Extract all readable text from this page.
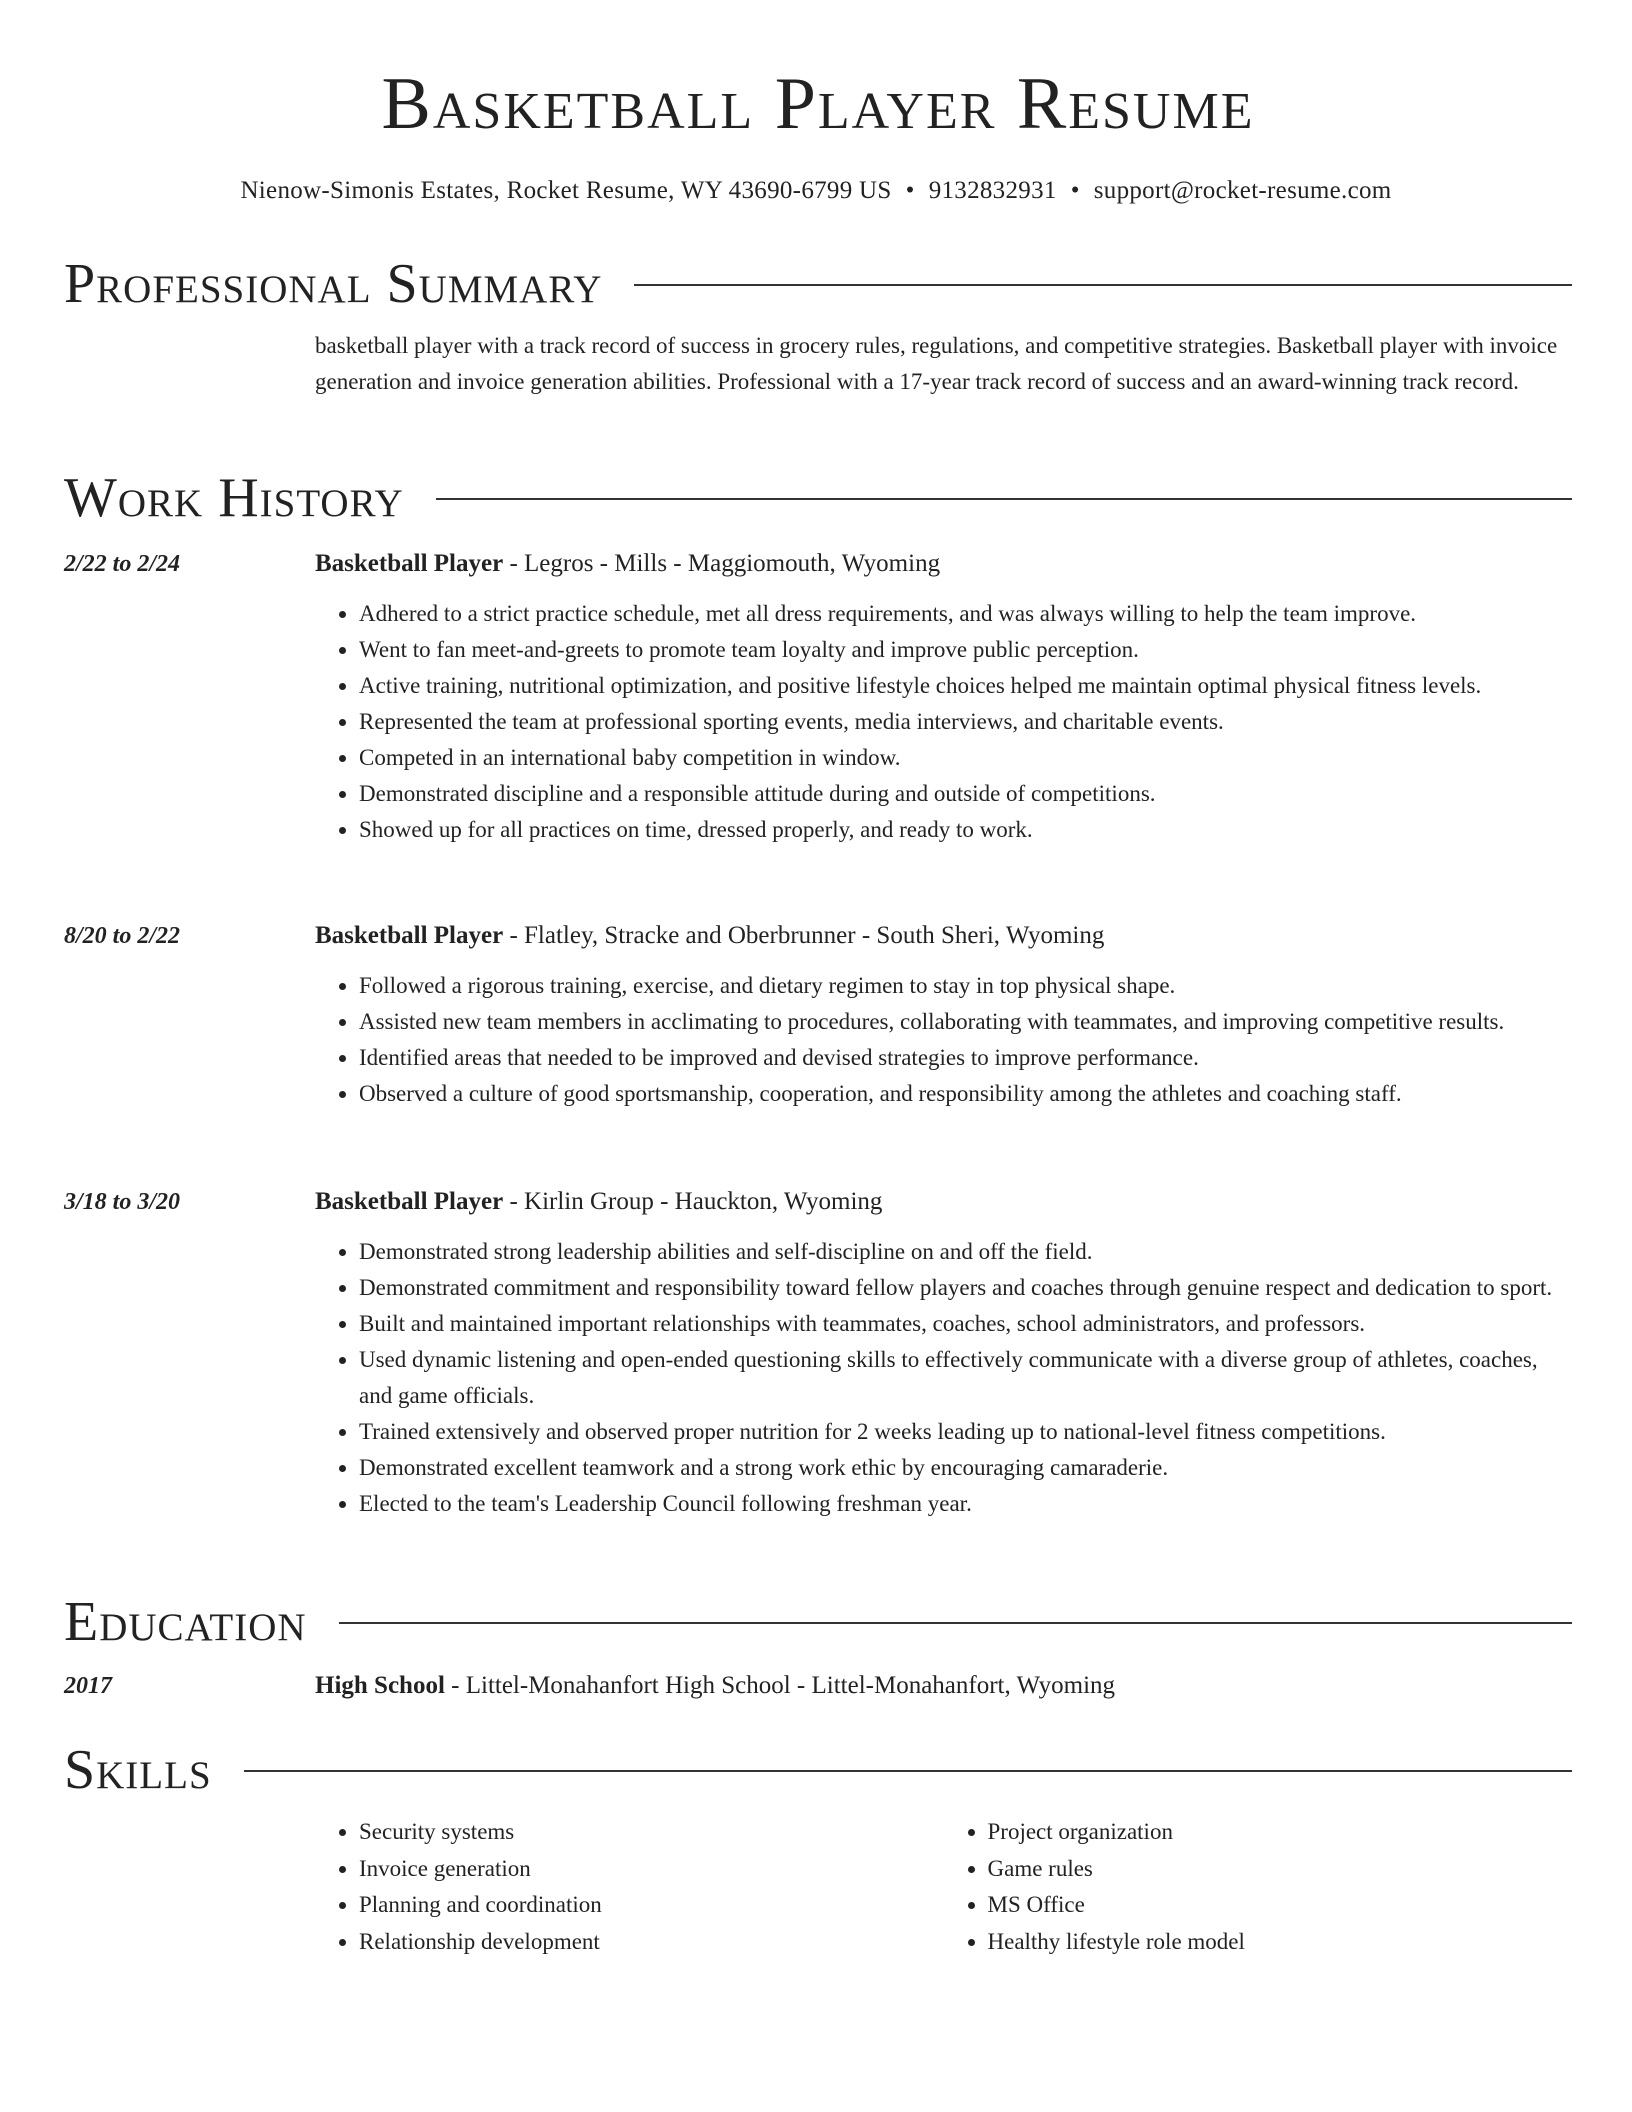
Basketball Player Resume
Nienow-Simonis Estates, Rocket Resume, WY 43690-6799 US • 9132832931 • support@rocket-resume.com
Professional Summary
basketball player with a track record of success in grocery rules, regulations, and competitive strategies. Basketball player with invoice generation and invoice generation abilities. Professional with a 17-year track record of success and an award-winning track record.
Work History
2/22 to 2/24	Basketball Player - Legros - Mills - Maggiomouth, Wyoming
• Adhered to a strict practice schedule, met all dress requirements, and was always willing to help the team improve.
• Went to fan meet-and-greets to promote team loyalty and improve public perception.
• Active training, nutritional optimization, and positive lifestyle choices helped me maintain optimal physical fitness levels.
• Represented the team at professional sporting events, media interviews, and charitable events.
• Competed in an international baby competition in window.
• Demonstrated discipline and a responsible attitude during and outside of competitions.
• Showed up for all practices on time, dressed properly, and ready to work.
8/20 to 2/22	Basketball Player - Flatley, Stracke and Oberbrunner - South Sheri, Wyoming
• Followed a rigorous training, exercise, and dietary regimen to stay in top physical shape.
• Assisted new team members in acclimating to procedures, collaborating with teammates, and improving competitive results.
• Identified areas that needed to be improved and devised strategies to improve performance.
• Observed a culture of good sportsmanship, cooperation, and responsibility among the athletes and coaching staff.
3/18 to 3/20	Basketball Player - Kirlin Group - Hauckton, Wyoming
• Demonstrated strong leadership abilities and self-discipline on and off the field.
• Demonstrated commitment and responsibility toward fellow players and coaches through genuine respect and dedication to sport.
• Built and maintained important relationships with teammates, coaches, school administrators, and professors.
• Used dynamic listening and open-ended questioning skills to effectively communicate with a diverse group of athletes, coaches, and game officials.
• Trained extensively and observed proper nutrition for 2 weeks leading up to national-level fitness competitions.
• Demonstrated excellent teamwork and a strong work ethic by encouraging camaraderie.
• Elected to the team's Leadership Council following freshman year.
Education
2017	High School - Littel-Monahanfort High School - Littel-Monahanfort, Wyoming
Skills
• Security systems
• Invoice generation
• Planning and coordination
• Relationship development
• Project organization
• Game rules
• MS Office
• Healthy lifestyle role model
